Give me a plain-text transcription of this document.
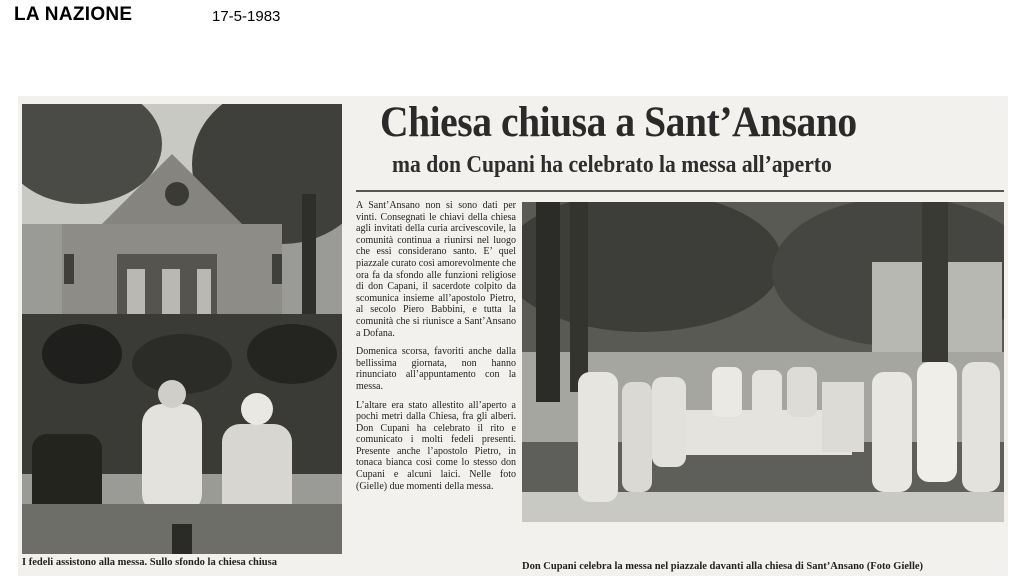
LA NAZIONE	17-5-1983
I fedeli assistono alla messa. Sullo sfondo la chiesa chiusa
Chiesa chiusa a Sant’Ansano
ma don Cupani ha celebrato la messa all’aperto

A Sant’Ansano non si sono dati per vinti. Consegnati le chiavi della chiesa agli invitati della curia arcivescovile, la comunità continua a riunirsi nel luogo che essi considerano santo. E’ quel piazzale curato così amorevolmente che ora fa da sfondo alle funzioni religiose di don Capani, il sacerdote colpito da scomunica insieme all’apostolo Pietro, al secolo Piero Babbini, e tutta la comunità che si riunisce a Sant’Ansano a Dofana.

Domenica scorsa, favoriti anche dalla bellissima giornata, non hanno rinunciato all’appuntamento con la messa.

L’altare era stato allestito all’aperto a pochi metri dalla Chiesa, fra gli alberi. Don Cupani ha celebrato il rito e comunicato i molti fedeli presenti. Presente anche l’apostolo Pietro, in tonaca bianca così come lo stesso don Cupani e alcuni laici. Nelle foto (Gielle) due momenti della messa.

Don Cupani celebra la messa nel piazzale davanti alla chiesa di Sant’Ansano (Foto Gielle)
